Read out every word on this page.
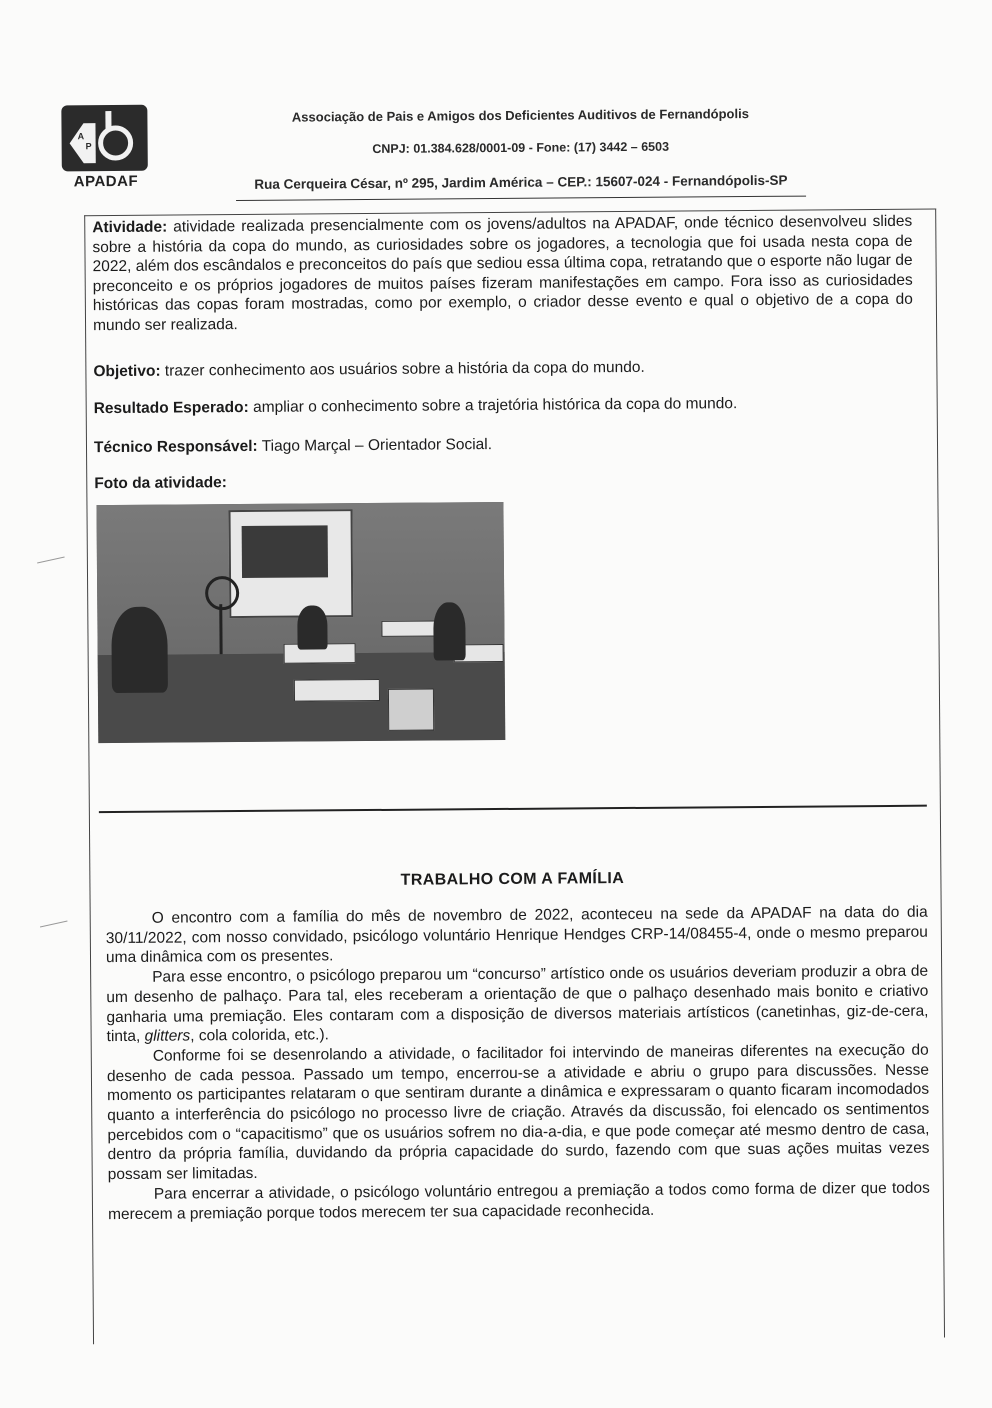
A
P
APADAF
Associação de Pais e Amigos dos Deficientes Auditivos de Fernandópolis
CNPJ: 01.384.628/0001-09 - Fone: (17) 3442 – 6503
Rua Cerqueira César, nº 295, Jardim América – CEP.: 15607-024 - Fernandópolis-SP
Atividade: atividade realizada presencialmente com os jovens/adultos na APADAF, onde técnico desenvolveu slides sobre a história da copa do mundo, as curiosidades sobre os jogadores, a tecnologia que foi usada nesta copa de 2022, além dos escândalos e preconceitos do país que sediou essa última copa, retratando que o esporte não lugar de preconceito e os próprios jogadores de muitos países fizeram manifestações em campo. Fora isso as curiosidades históricas das copas foram mostradas, como por exemplo, o criador desse evento e qual o objetivo de a copa do mundo ser realizada.
Objetivo: trazer conhecimento aos usuários sobre a história da copa do mundo.
Resultado Esperado: ampliar o conhecimento sobre a trajetória histórica da copa do mundo.
Técnico Responsável: Tiago Marçal – Orientador Social.
Foto da atividade:
TRABALHO COM A FAMÍLIA

O encontro com a família do mês de novembro de 2022, aconteceu na sede da APADAF na data do dia 30/11/2022, com nosso convidado, psicólogo voluntário Henrique Hendges CRP-14/08455-4, onde o mesmo preparou uma dinâmica com os presentes.

Para esse encontro, o psicólogo preparou um “concurso” artístico onde os usuários deveriam produzir a obra de um desenho de palhaço. Para tal, eles receberam a orientação de que o palhaço desenhado mais bonito e criativo ganharia uma premiação. Eles contaram com a disposição de diversos materiais artísticos (canetinhas, giz-de-cera, tinta, glitters, cola colorida, etc.).

Conforme foi se desenrolando a atividade, o facilitador foi intervindo de maneiras diferentes na execução do desenho de cada pessoa. Passado um tempo, encerrou-se a atividade e abriu o grupo para discussões. Nesse momento os participantes relataram o que sentiram durante a dinâmica e expressaram o quanto ficaram incomodados quanto a interferência do psicólogo no processo livre de criação. Através da discussão, foi elencado os sentimentos percebidos com o “capacitismo” que os usuários sofrem no dia-a-dia, e que pode começar até mesmo dentro de casa, dentro da própria família, duvidando da própria capacidade do surdo, fazendo com que suas ações muitas vezes possam ser limitadas.

Para encerrar a atividade, o psicólogo voluntário entregou a premiação a todos como forma de dizer que todos merecem a premiação porque todos merecem ter sua capacidade reconhecida.
